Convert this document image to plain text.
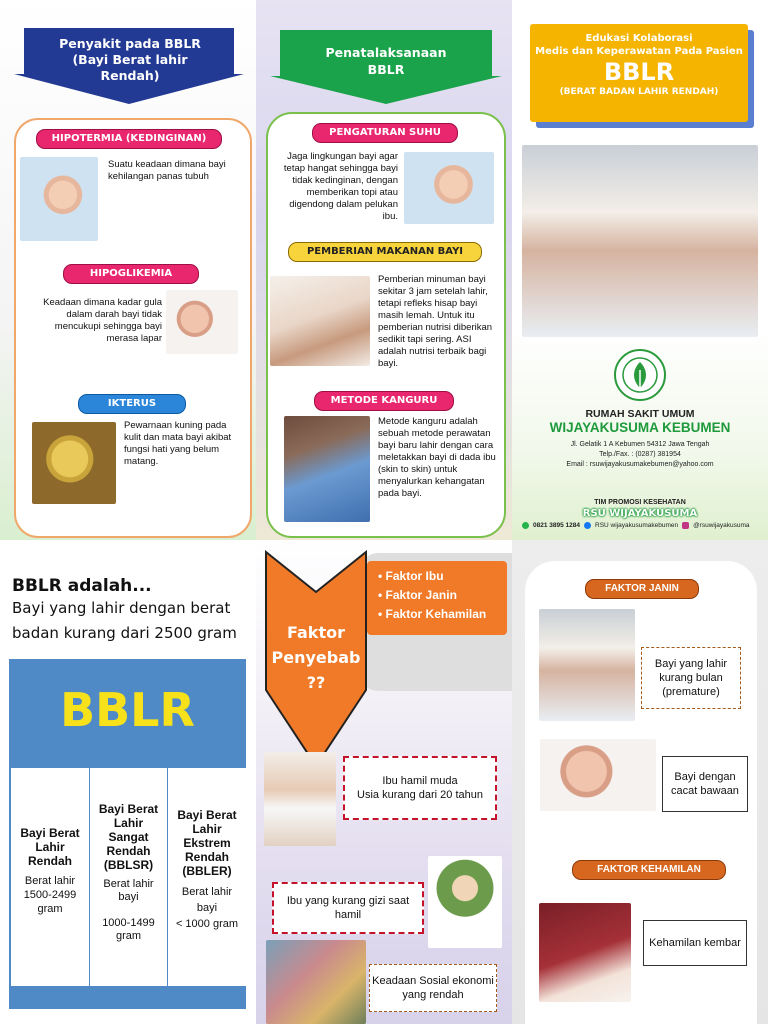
Penyakit pada BBLR
(Bayi Berat lahir
Rendah)
HIPOTERMIA (KEDINGINAN)
Suatu keadaan dimana bayi kehilangan panas tubuh
HIPOGLIKEMIA
Keadaan dimana kadar gula dalam darah bayi tidak mencukupi sehingga bayi merasa lapar
IKTERUS
Pewarnaan kuning pada kulit dan mata bayi akibat fungsi hati yang belum matang.
Penatalaksanaan
BBLR
PENGATURAN SUHU
Jaga lingkungan bayi agar tetap hangat sehingga bayi tidak kedinginan, dengan memberikan topi atau digendong dalam pelukan ibu.
PEMBERIAN MAKANAN BAYI
Pemberian minuman bayi sekitar 3 jam setelah lahir, tetapi refleks hisap bayi masih lemah. Untuk itu pemberian nutrisi diberikan sedikit tapi sering. ASI adalah nutrisi terbaik bagi bayi.
METODE KANGURU
Metode kanguru adalah sebuah metode perawatan bayi baru lahir dengan cara meletakkan bayi di dada ibu (skin to skin) untuk menyalurkan kehangatan pada bayi.
Edukasi Kolaborasi
Medis dan Keperawatan Pada Pasien
BBLR
(BERAT BADAN LAHIR RENDAH)
RUMAH SAKIT UMUM
WIJAYAKUSUMA KEBUMEN
Jl. Gelatik 1 A Kebumen 54312 Jawa Tengah
Telp./Fax. : (0287) 381954
Email : rsuwijayakusumakebumen@yahoo.com
TIM PROMOSI KESEHATAN
RSU WIJAYAKUSUMA
0821 3895 1284 RSU wijayakusumakebumen @rsuwijayakusuma
BBLR adalah...
Bayi yang lahir dengan berat badan kurang dari 2500 gram
BBLR
Bayi Berat Lahir Rendah
Berat lahir 1500-2499 gram
Bayi Berat Lahir Sangat Rendah (BBLSR)
Berat lahir bayi

1000-1499 gram
Bayi Berat Lahir Ekstrem Rendah (BBLER)
Berat lahir bayi
< 1000 gram
Faktor
Penyebab
??
• Faktor Ibu
• Faktor Janin
• Faktor Kehamilan
Ibu hamil muda
Usia kurang dari 20 tahun
Ibu yang kurang gizi saat hamil
Keadaan Sosial ekonomi yang rendah
FAKTOR JANIN
Bayi yang lahir kurang bulan (premature)
Bayi dengan cacat bawaan
FAKTOR KEHAMILAN
Kehamilan kembar
